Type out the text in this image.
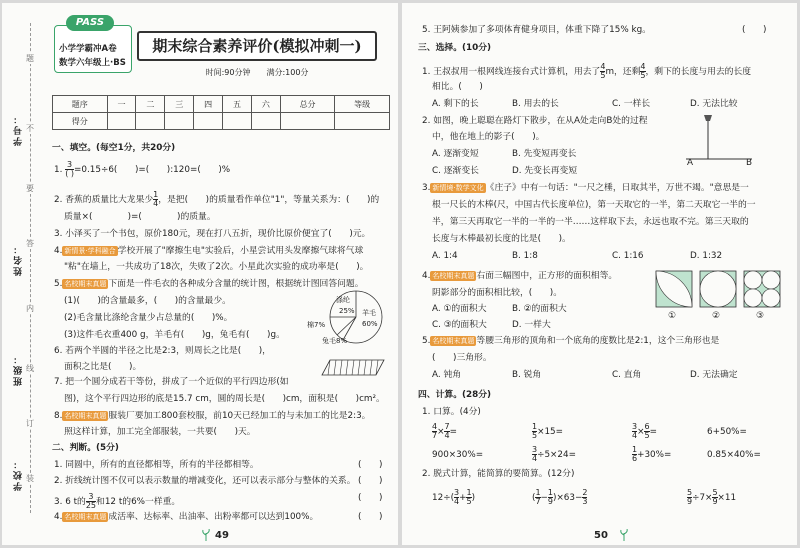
学号：
姓名：
班级：
学校：
题
不
要
答
内
线
订
装
小学学霸冲A卷
数学六年级上·BS
PASS
期末综合素养评价(模拟冲刺一)
时间:90分钟　　满分:100分
题序	一	二	三	四	五	六	总分	等级
得分								
一、填空。(每空1分，共20分)
1.
3
( ) =0.15÷6(　　)=(　　):120=(　　)%
2. 香蕉的质量比大龙果少 $\frac{1}{4}$ ，是把(　　)的质量看作单位"1"，等量关系为：(　　)的
质量×(　　　　)=(　　　　)的质量。
3. 小泽买了一个书包，原价180元，现在打八五折，现价比原价便宜了(　　)元。
4. 新情景·学科融合 学校开展了"摩擦生电"实验后，小星尝试用头发摩擦气球将气球
"粘"在墙上，一共成功了18次，失败了2次。小星此次实验的成功率是(　　)。
5. 名校期末真题 下面是一件毛衣的各种成分含量的统计图，根据统计图回答问题。
(1)(　　)的含量最多，(　　)的含量最少。
(2)毛含量比涤纶含量少占总量的(　　)%。
(3)这件毛衣重400 g，羊毛有(　　)g，兔毛有(　　)g。
涤纶
25% 羊毛
60%
棉7%
兔毛8%
6. 若两个半圆的半径之比是2:3，则周长之比是(　　)，
面积之比是(　　)。
7. 把一个圆分成若干等份，拼成了一个近似的平行四边形(如
图)，这个平行四边形的底是15.7 cm，圆的周长是(　　)cm，面积是(　　)cm²。
8. 名校期末真题 服装厂要加工800套校服，前10天已经加工的与未加工的比是2:3。
照这样计算，加工完全部服装，一共要(　　)天。
二、判断。(5分)
1. 同圆中，所有的直径都相等，所有的半径都相等。	(　　)
2. 折线统计图不仅可以表示数量的增减变化，还可以表示部分与整体的关系。 (　　)
3. 6 t的 $\frac{3}{25}$ 和12 t的6%一样重。	(　　)
4. 名校期末真题 成活率、达标率、出油率、出粉率都可以达到100%。	(　　)
49
5. 王阿姨参加了多项体育健身项目，体重下降了15% kg。	(　　)
三、选择。(10分)
1. 王叔叔用一根网线连接台式计算机，用去了 $\frac{4}{5}$ m，还剩 $\frac{4}{5}$ ，剩下的长度与用去的长度
相比。(　　)
A. 剩下的长	B. 用去的长	C. 一样长	D. 无法比较
2. 如图，晚上聪聪在路灯下散步，在从A处走向B处的过程
中，他在地上的影子(　　)。
A. 逐渐变短	B. 先变短再变长
C. 逐渐变长	D. 先变长再变短
A	B
3. 新情境·数学文化 《庄子》中有一句话："一尺之棰，日取其半，万世不竭。"意思是一
根一尺长的木棒(尺，中国古代长度单位)，第一天取它的一半，第二天取它一半的一
半，第三天再取它一半的一半的一半……这样取下去，永远也取不完。第三天取的
长度与木棒最初长度的比是(　　)。
A. 1:4	B. 1:8	C. 1:16	D. 1:32
4. 名校期末真题 右面三幅图中，正方形的面积相等。
阴影部分的面积相比较，(　　)。
A. ①的面积大	B. ②的面积大
C. ③的面积大	D. 一样大
①	②	③
5. 名校期末真题 等腰三角形的顶角和一个底角的度数比是2:1，这个三角形也是
(　　)三角形。
A. 钝角	B. 锐角	C. 直角	D. 无法确定
四、计算。(28分)
1. 口算。(4分)
$\frac{4}{7} \times \frac{7}{4}$ =	$\frac{1}{5} \times 15=$	$\frac{3}{4} \times \frac{6}{5}$ =	6+50%=
900×30%=	$\frac{3}{4} \div 5\times 24=$	$\frac{1}{6} +30\%=$	0.85×40%=
2. 脱式计算，能简算的要简算。(12分)
$12\div( \frac{3}{4} + \frac{1}{5}$ )	( $\frac{1}{7} - \frac{1}{9} )\times 63- \frac{2}{3}$	$\frac{5}{9} \div 7\times \frac{5}{9} \times 11$
50
